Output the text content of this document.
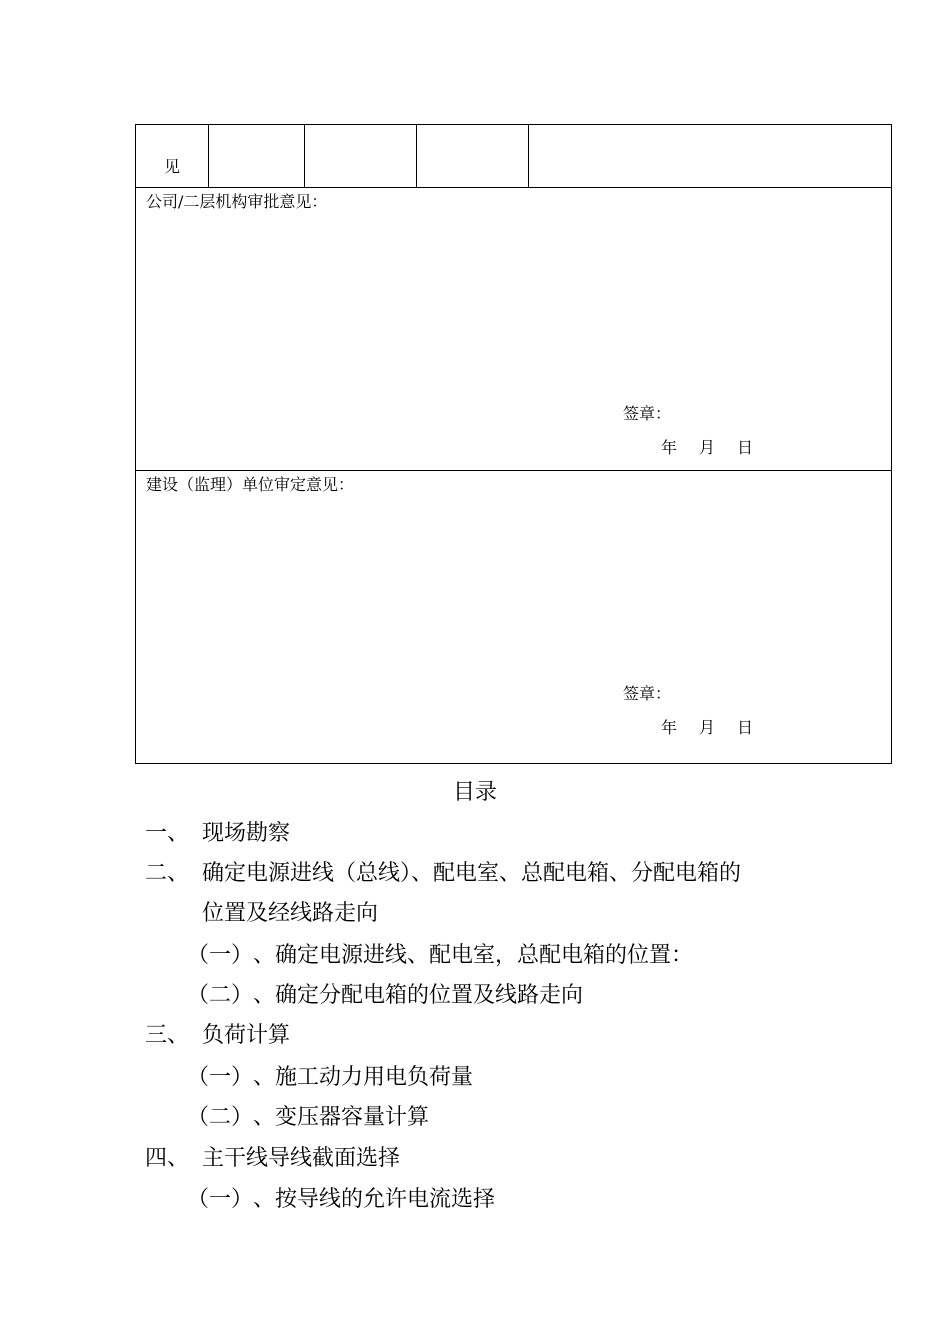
见
公司/二层机构审批意见：
签章：
年 月 日
建设（监理）单位审定意见：
签章：
年 月 日
目录
一、 现场勘察
二、 确定电源进线（总线）、配电室、总配电箱、分配电箱的
位置及经线路走向
（一）、确定电源进线、配电室，总配电箱的位置：
（二）、确定分配电箱的位置及线路走向
三、 负荷计算
（一）、施工动力用电负荷量
（二）、变压器容量计算
四、 主干线导线截面选择
（一）、按导线的允许电流选择
